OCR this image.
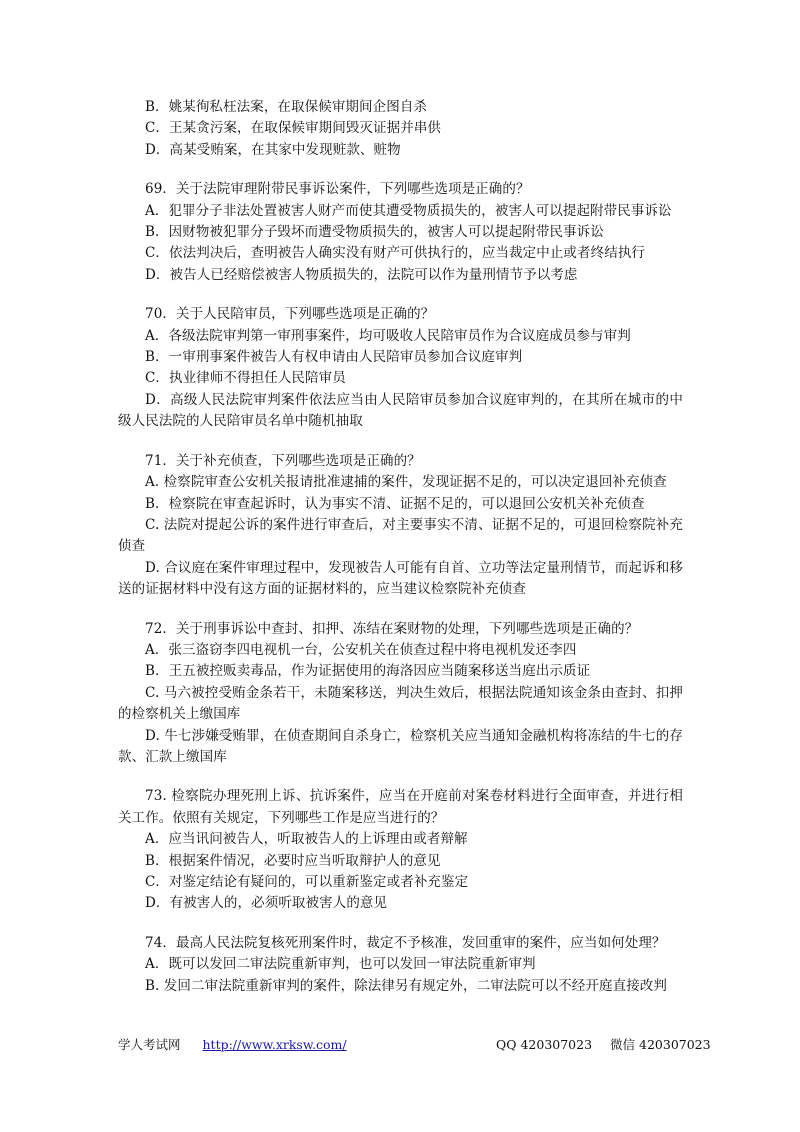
B．姚某徇私枉法案，在取保候审期间企图自杀
C．王某贪污案，在取保候审期间毁灭证据并串供
D．高某受贿案，在其家中发现赃款、赃物
69．关于法院审理附带民事诉讼案件，下列哪些选项是正确的？
A．犯罪分子非法处置被害人财产而使其遭受物质损失的，被害人可以提起附带民事诉讼
B．因财物被犯罪分子毁坏而遭受物质损失的，被害人可以提起附带民事诉讼
C．依法判决后，查明被告人确实没有财产可供执行的，应当裁定中止或者终结执行
D．被告人已经赔偿被害人物质损失的，法院可以作为量刑情节予以考虑
70．关于人民陪审员，下列哪些选项是正确的？
A．各级法院审判第一审刑事案件，均可吸收人民陪审员作为合议庭成员参与审判
B．一审刑事案件被告人有权申请由人民陪审员参加合议庭审判
C．执业律师不得担任人民陪审员
D．高级人民法院审判案件依法应当由人民陪审员参加合议庭审判的，在其所在城市的中级人民法院的人民陪审员名单中随机抽取
71．关于补充侦查，下列哪些选项是正确的？
A. 检察院审查公安机关报请批准逮捕的案件，发现证据不足的，可以决定退回补充侦查
B．检察院在审查起诉时，认为事实不清、证据不足的，可以退回公安机关补充侦查
C. 法院对提起公诉的案件进行审查后，对主要事实不清、证据不足的，可退回检察院补充侦查
D. 合议庭在案件审理过程中，发现被告人可能有自首、立功等法定量刑情节，而起诉和移送的证据材料中没有这方面的证据材料的，应当建议检察院补充侦查
72．关于刑事诉讼中查封、扣押、冻结在案财物的处理，下列哪些选项是正确的？
A．张三盗窃李四电视机一台，公安机关在侦查过程中将电视机发还李四
B．王五被控贩卖毒品，作为证据使用的海洛因应当随案移送当庭出示质证
C. 马六被控受贿金条若干，未随案移送，判决生效后，根据法院通知该金条由查封、扣押的检察机关上缴国库
D. 牛七涉嫌受贿罪，在侦查期间自杀身亡，检察机关应当通知金融机构将冻结的牛七的存款、汇款上缴国库
73. 检察院办理死刑上诉、抗诉案件，应当在开庭前对案卷材料进行全面审查，并进行相关工作。依照有关规定，下列哪些工作是应当进行的？
A．应当讯问被告人，听取被告人的上诉理由或者辩解
B．根据案件情况，必要时应当听取辩护人的意见
C．对鉴定结论有疑问的，可以重新鉴定或者补充鉴定
D．有被害人的，必须听取被害人的意见
74．最高人民法院复核死刑案件时，裁定不予核准，发回重审的案件，应当如何处理？
A．既可以发回二审法院重新审判，也可以发回一审法院重新审判
B. 发回二审法院重新审判的案件，除法律另有规定外，二审法院可以不经开庭直接改判
学人考试网 http://www.xrksw.com/	QQ 420307023 微信 420307023
